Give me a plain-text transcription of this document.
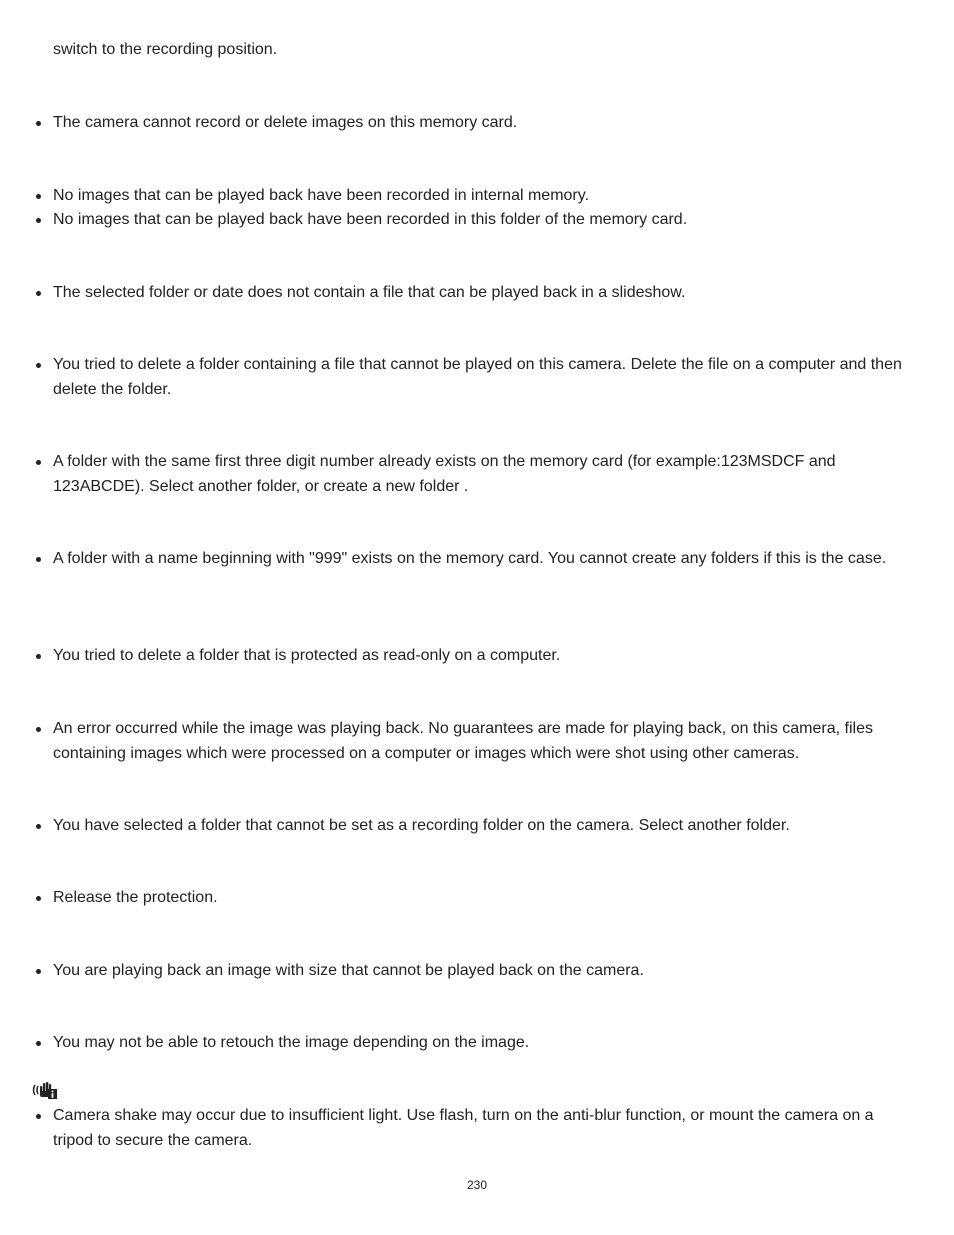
switch to the recording position.

The camera cannot record or delete images on this memory card.

No images that can be played back have been recorded in internal memory.

No images that can be played back have been recorded in this folder of the memory card.

The selected folder or date does not contain a file that can be played back in a slideshow.

You tried to delete a folder containing a file that cannot be played on this camera. Delete the file on a computer and then delete the folder.

A folder with the same first three digit number already exists on the memory card (for example:123MSDCF and 123ABCDE). Select another folder, or create a new folder .

A folder with a name beginning with "999" exists on the memory card. You cannot create any folders if this is the case.

You tried to delete a folder that is protected as read-only on a computer.

An error occurred while the image was playing back. No guarantees are made for playing back, on this camera, files containing images which were processed on a computer or images which were shot using other cameras.

You have selected a folder that cannot be set as a recording folder on the camera. Select another folder.

Release the protection.

You are playing back an image with size that cannot be played back on the camera.

You may not be able to retouch the image depending on the image.

Camera shake may occur due to insufficient light. Use flash, turn on the anti-blur function, or mount the camera on a tripod to secure the camera.

230
